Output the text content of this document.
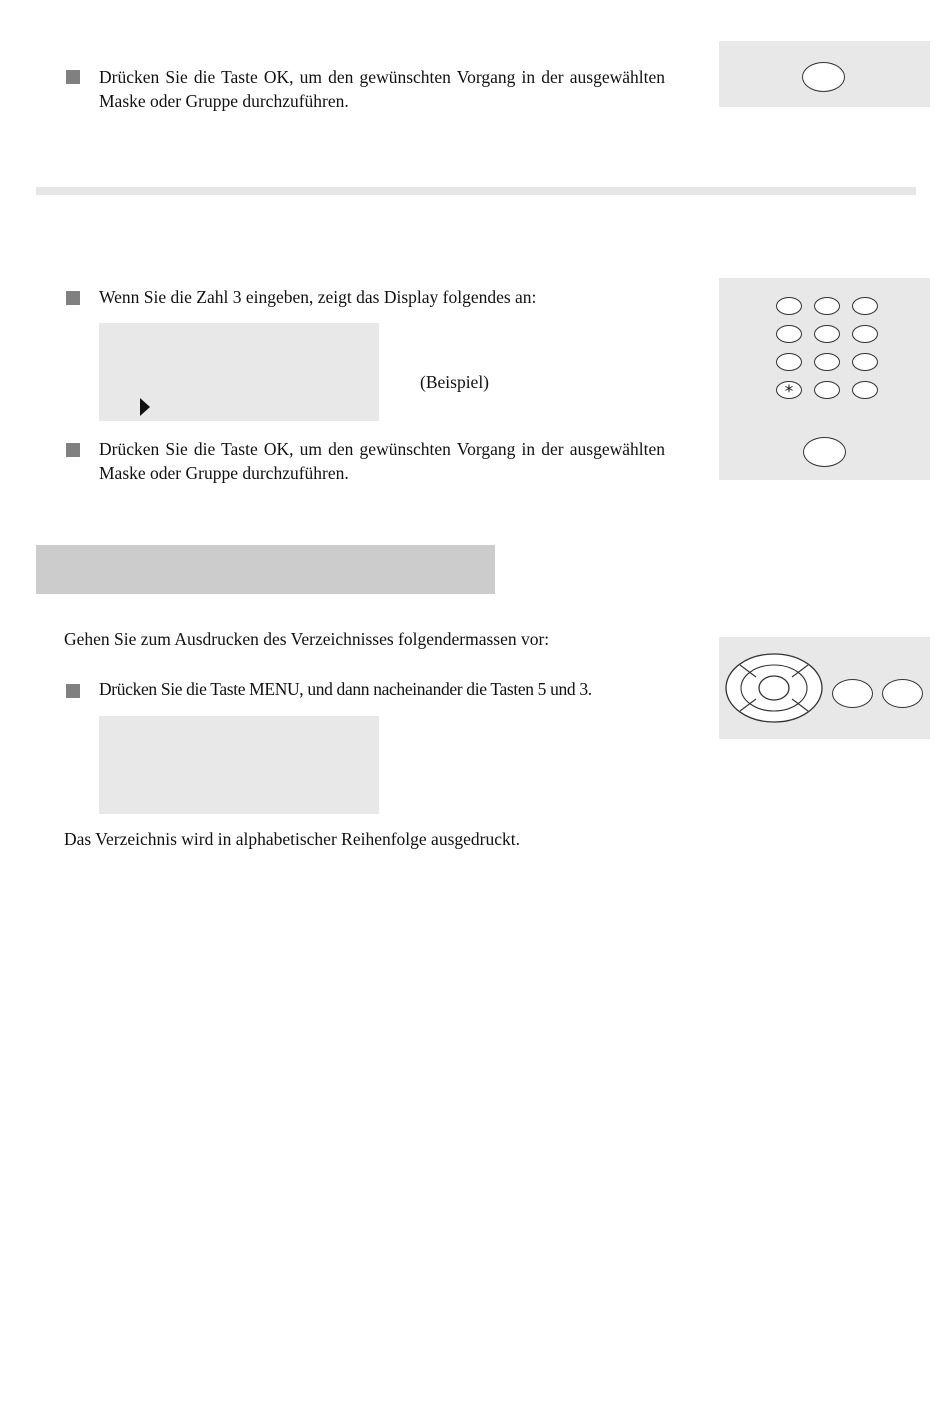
Drücken Sie die Taste OK, um den gewünschten Vorgang in der ausgewählten Maske oder Gruppe durchzuführen.
Wenn Sie die Zahl 3 eingeben, zeigt das Display folgendes an:
(Beispiel)
Drücken Sie die Taste OK, um den gewünschten Vorgang in der ausgewählten Maske oder Gruppe durchzuführen.
*
Gehen Sie zum Ausdrucken des Verzeichnisses folgendermassen vor:
Drücken Sie die Taste MENU, und dann nacheinander die Tasten 5 und 3.
Das Verzeichnis wird in alphabetischer Reihenfolge ausgedruckt.
